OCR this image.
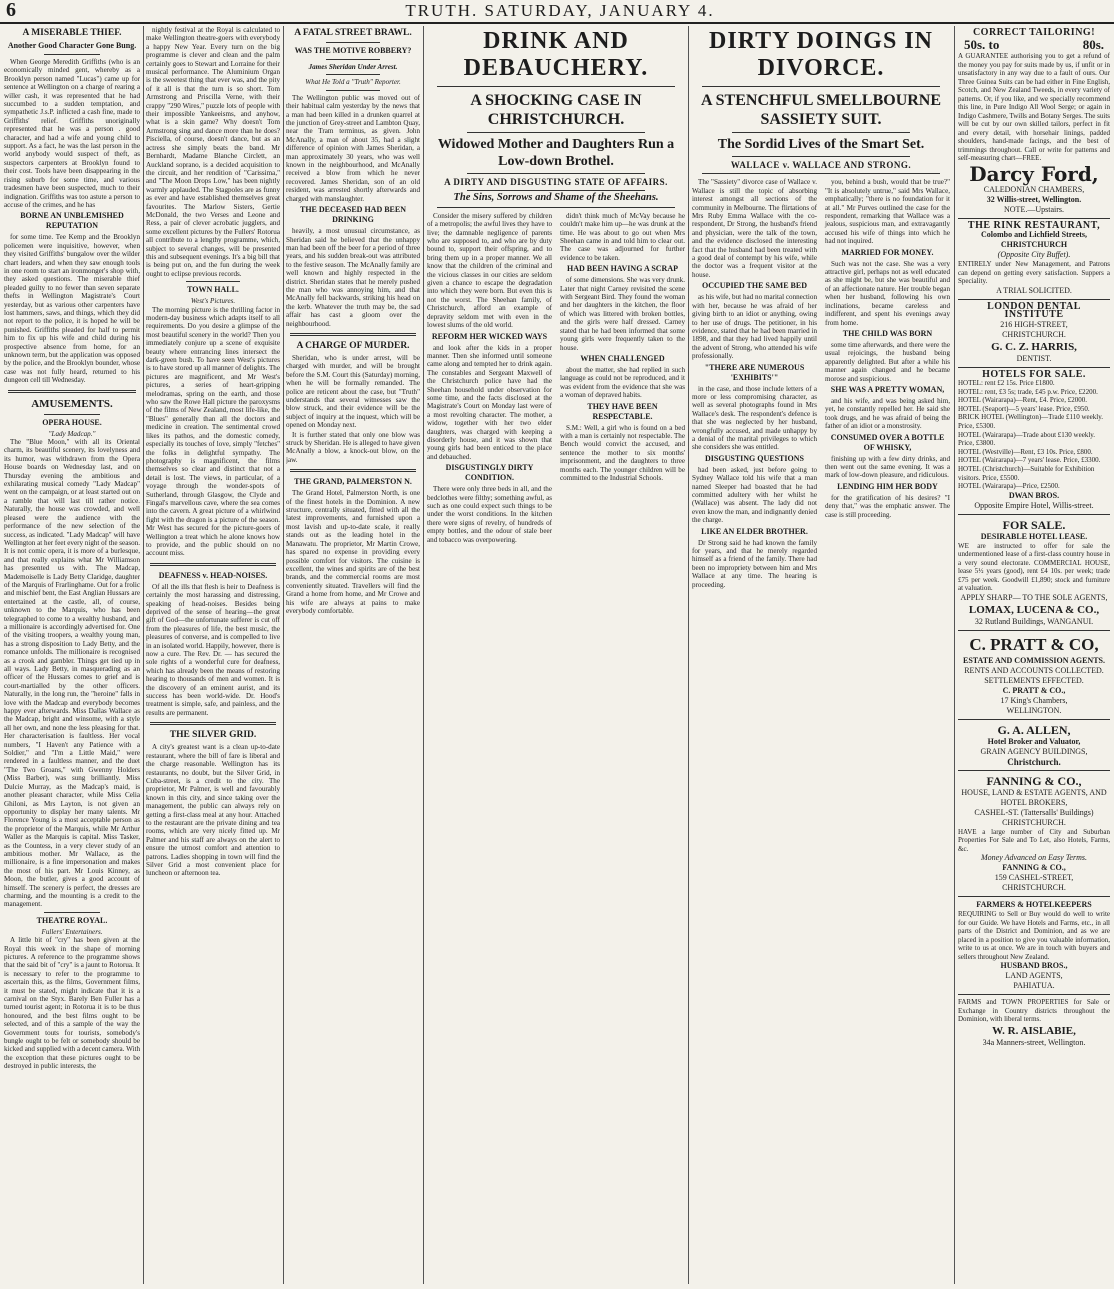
6	TRUTH. SATURDAY, JANUARY 4.
A MISERABLE THIEF.
Another Good Character Gone Bung.

When George Meredith Griffiths (who is an economically minded gent, whereby as a Brooklyn person named "Lucas") came up for sentence at Wellington on a charge of rearing a willer cash, it was represented that he had succumbed to a sudden temptation, and sympathetic J.s.P. inflicted a cash fine, made to Griffiths' relief. Griffiths unoriginally represented that he was a person . good character, and had a wife and young child to support. As a fact, he was the last person in the world anybody would suspect of theft, as suspectors carpenters at Brooklyn found to their cost. Tools have been disappearing in the rising suburb for some time, and various tradesmen have been suspected, much to their indignation. Griffiths was too astute a person to accuse of the crimes, and he has

BORNE AN UNBLEMISHED REPUTATION

for some time. Tee Kemp and the Brooklyn policemen were inquisitive, however, when they visited Griffiths' bungalow over the wilder chart leaders, and when they saw enough tools in one room to start an ironmonger's shop with, they asked questions. The miserable thief pleaded guilty to no fewer than seven separate thefts in Wellington Magistrate's Court yesterday, but as various other carpenters have lost hammers, saws, and things, which they did not report to the police, it is hoped he will be punished. Griffiths pleaded for half to permit him to fix up his wife and child during his prospective absence from home, for an unknown term, but the application was opposed by the police, and the Brooklyn bounder, whose case was not fully heard, returned to his dungeon cell till Wednesday.

AMUSEMENTS.
OPERA HOUSE.
"Lady Madcap."

The "Blue Moon," with all its Oriental charm, its beautiful scenery, its lovelyness and its humor, was withdrawn from the Opera House boards on Wednesday last, and on Thursday evening the ambitious and exhilarating musical comedy "Lady Madcap" went on the campaign, or at least started out on a ramble that will last till rather notice. Naturally, the house was crowded, and well pleased were the audience with the performance of the new selection of the success, as indicated. "Lady Madcap" will have Wellington at her feet every night of the season. It is not comic opera, it is more of a burlesque, and that really explains what Mr Williamson has presented us with. The Madcap, Mademoiselle is Lady Betty Claridge, daughter of the Marquis of Frarlinghame. Out for a frolic and mischief bent, the East Anglian Hussars are entertained at the castle, all, of course, unknown to the Marquis, who has been telegraphed to come to a wealthy husband, and a millionaire is accordingly advertised for. One of the visiting troopers, a wealthy young man, has a strong disposition to Lady Betty, and the romance unfolds. The millionaire is recognised as a crook and gambler. Things get tied up in all ways. Lady Betty, in masquerading as an officer of the Hussars comes to grief and is court-martialled by the other officers. Naturally, in the long run, the "heroine" falls in love with the Madcap and everybody becomes happy ever afterwards. Miss Dallas Wallace as the Madcap, bright and winsome, with a style all her own, and none the less pleasing for that. Her characterisation is faultless. Her vocal numbers, "I Haven't any Patience with a Soldier," and "I'm a Little Maid," were rendered in a faultless manner, and the duet "The Two Groans," with Gwenny Holders (Miss Barber), was sung brilliantly. Miss Dulcie Murray, as the Madcap's maid, is another pleasant character, while Miss Celia Ghiloni, as Mrs Layton, is not given an opportunity to display her many talents. Mr Florence Young is a most acceptable person as the proprietor of the Marquis, while Mr Arthur Waller as the Marquis is capital. Miss Tasker, as the Countess, in a very clever study of an ambitious mother. Mr Wallace, as the millionaire, is a fine impersonation and makes the most of his part. Mr Louis Kinney, as Moon, the butler, gives a good account of himself. The scenery is perfect, the dresses are charming, and the mounting is a credit to the management.

THEATRE ROYAL.
Fullers' Entertainers.

A little bit of "cry" has been given at the Royal this week in the shape of morning pictures. A reference to the programme shows that the said bit of "cry" is a jaunt to Rotorua. It is necessary to refer to the programme to ascertain this, as the films, Government films, it must be stated, might indicate that it is a carnival on the Styx. Barely Ben Fuller has a turned tourist agent; in Rotorua it is to be thus honoured, and the best films ought to be selected, and of this a sample of the way the Government touts for tourists, somebody's bungle ought to be felt or somebody should be kicked and supplied with a decent camera. With the exception that these pictures ought to be destroyed in public interests, the

nightly festival at the Royal is calculated to make Wellington theatre-goers with everybody a happy New Year. Every turn on the big programme is clever and clean and the palm certainly goes to Stewart and Lorraine for their musical performance. The Aluminium Organ is the sweetest thing that ever was, and the pity of it all is that the turn is so short. Tom Armstrong and Priscilla Verne, with their crappy "290 Wires," puzzle lots of people with their impossible Yankeeisms, and anyhow, what is a skin game? Why doesn't Tom Armstrong sing and dance more than he does? Pisciella, of course, doesn't dance, but as an actress she simply beats the band. Mr Bernhardt, Madame Blanche Circlett, an Auckland soprano, is a decided acquisition to the circuit, and her rendition of "Carissima," and "The Moon Drops Low," has been nightly warmly applauded. The Stagpoles are as funny as ever and have established themselves great favourites. The Marlow Sisters, Gertie McDonald, the two Verses and Leone and Ress, a pair of clever acrobatic jugglers, and some excellent pictures by the Fullers' Rotorua all contribute to a lengthy programme, which, subject to several changes, will be presented this and subsequent evenings. It's a big bill that is being put on, and the fun during the week ought to eclipse previous records.

TOWN HALL.
West's Pictures.

The morning picture is the thrilling factor in modern-day business which adapts itself to all requirements. Do you desire a glimpse of the most beautiful scenery in the world? Then you immediately conjure up a scene of exquisite beauty where entrancing lines intersect the dark-green bush. To have seen West's pictures is to have stored up all manner of delights. The pictures are magnificent, and Mr West's pictures, a series of heart-gripping melodramas, spring on the earth, and those who saw the Rowe Hall picture the paroxysms of the films of New Zealand, most life-like, the "Blues" generally than all the doctors and medicine in creation. The sentimental crowd likes its pathos, and the domestic comedy, especially its touches of love, simply "fetches" the folks in delightful sympathy. The photography is magnificent, the films themselves so clear and distinct that not a detail is lost. The views, in particular, of a voyage through the wonder-spots of Sutherland, through Glasgow, the Clyde and Fingal's marvellous cave, where the sea comes into the cavern. A great picture of a whirlwind fight with the dragon is a picture of the season. Mr West has secured for the picture-goers of Wellington a treat which he alone knows how to provide, and the public should on no account miss.

DEAFNESS v. HEAD-NOISES.

Of all the ills that flesh is heir to Deafness is certainly the most harassing and distressing, speaking of head-noises. Besides being deprived of the sense of hearing—the great gift of God—the unfortunate sufferer is cut off from the pleasures of life, the best music, the pleasures of converse, and is compelled to live in an isolated world. Happily, however, there is now a cure. The Rev. Dr. — has secured the sole rights of a wonderful cure for deafness, which has already been the means of restoring hearing to thousands of men and women. It is the discovery of an eminent aurist, and its success has been world-wide. Dr. Hood's treatment is simple, safe, and painless, and the results are permanent.

THE SILVER GRID.

A city's greatest want is a clean up-to-date restaurant, where the bill of fare is liberal and the charge reasonable. Wellington has its restaurants, no doubt, but the Silver Grid, in Cuba-street, is a credit to the city. The proprietor, Mr Palmer, is well and favourably known in this city, and since taking over the management, the public can always rely on getting a first-class meal at any hour. Attached to the restaurant are the private dining and tea rooms, which are very nicely fitted up. Mr Palmer and his staff are always on the alert to ensure the utmost comfort and attention to patrons. Ladies shopping in town will find the Silver Grid a most convenient place for luncheon or afternoon tea.

A FATAL STREET BRAWL.
WAS THE MOTIVE ROBBERY?
James Sheridan Under Arrest.
What He Told a "Truth" Reporter.

The Wellington public was moved out of their habitual calm yesterday by the news that a man had been killed in a drunken quarrel at the junction of Grey-street and Lambton Quay, near the Tram terminus, as given. John McAnally, a man of about 35, had a slight difference of opinion with James Sheridan, a man approximately 30 years, who was well known in the neighbourhood, and McAnally received a blow from which he never recovered. James Sheridan, son of an old resident, was arrested shortly afterwards and charged with manslaughter.

THE DECEASED HAD BEEN DRINKING

heavily, a most unusual circumstance, as Sheridan said he believed that the unhappy man had been off the beer for a period of three years, and his sudden break-out was attributed to the festive season. The McAnally family are well known and highly respected in the district. Sheridan states that he merely pushed the man who was annoying him, and that McAnally fell backwards, striking his head on the kerb. Whatever the truth may be, the sad affair has cast a gloom over the neighbourhood.

A CHARGE OF MURDER.

Sheridan, who is under arrest, will be charged with murder, and will be brought before the S.M. Court this (Saturday) morning, when he will be formally remanded. The police are reticent about the case, but "Truth" understands that several witnesses saw the blow struck, and their evidence will be the subject of inquiry at the inquest, which will be opened on Monday next.

It is further stated that only one blow was struck by Sheridan. He is alleged to have given McAnally a blow, a knock-out blow, on the jaw.

THE GRAND, PALMERSTON N.

The Grand Hotel, Palmerston North, is one of the finest hotels in the Dominion. A new structure, centrally situated, fitted with all the latest improvements, and furnished upon a most lavish and up-to-date scale, it really stands out as the leading hotel in the Manawatu. The proprietor, Mr Martin Crowe, has spared no expense in providing every possible comfort for visitors. The cuisine is excellent, the wines and spirits are of the best brands, and the commercial rooms are most conveniently situated. Travellers will find the Grand a home from home, and Mr Crowe and his wife are always at pains to make everybody comfortable.

DRINK AND DEBAUCHERY.
A SHOCKING CASE IN CHRISTCHURCH.
Widowed Mother and Daughters Run a Low-down Brothel.
A DIRTY AND DISGUSTING STATE OF AFFAIRS.
The Sins, Sorrows and Shame of the Sheehans.

Consider the misery suffered by children of a metropolis; the awful lives they have to live; the damnable negligence of parents who are supposed to, and who are by duty bound to, support their offspring, and to bring them up in a proper manner. We all know that the children of the criminal and the vicious classes in our cities are seldom given a chance to escape the degradation into which they were born. But even this is not the worst. The Sheehan family, of Christchurch, afford an example of depravity seldom met with even in the lowest slums of the old world.

REFORM HER WICKED WAYS

and look after the kids in a proper manner. Then she informed until someone came along and tempted her to drink again. The constables and Sergeant Maxwell of the Christchurch police have had the Sheehan household under observation for some time, and the facts disclosed at the Magistrate's Court on Monday last were of a most revolting character. The mother, a widow, together with her two elder daughters, was charged with keeping a disorderly house, and it was shown that young girls had been enticed to the place and debauched.

DISGUSTINGLY DIRTY CONDITION.

There were only three beds in all, and the bedclothes were filthy; something awful, as such as one could expect such things to be under the worst conditions. In the kitchen there were signs of revelry, of hundreds of empty bottles, and the odour of stale beer and tobacco was overpowering.

didn't think much of McVay because he couldn't make him up—he was drunk at the time. He was about to go out when Mrs Sheehan came in and told him to clear out. The case was adjourned for further evidence to be taken.

HAD BEEN HAVING A SCRAP

of some dimensions. She was very drunk. Later that night Carney revisited the scene with Sergeant Bird. They found the woman and her daughters in the kitchen, the floor of which was littered with broken bottles, and the girls were half dressed. Carney stated that he had been informed that some young girls were frequently taken to the house.

WHEN CHALLENGED

about the matter, she had replied in such language as could not be reproduced, and it was evident from the evidence that she was a woman of depraved habits.

THEY HAVE BEEN RESPECTABLE.

S.M.: Well, a girl who is found on a bed with a man is certainly not respectable. The Bench would convict the accused, and sentence the mother to six months' imprisonment, and the daughters to three months each. The younger children will be committed to the Industrial Schools.

DIRTY DOINGS IN DIVORCE.
A STENCHFUL SMELLBOURNE SASSIETY SUIT.
The Sordid Lives of the Smart Set.
WALLACE v. WALLACE AND STRONG.

The "Sassiety" divorce case of Wallace v. Wallace is still the topic of absorbing interest amongst all sections of the community in Melbourne. The flirtations of Mrs Ruby Emma Wallace with the co-respondent, Dr Strong, the husband's friend and physician, were the talk of the town, and the evidence disclosed the interesting fact that the husband had been treated with a good deal of contempt by his wife, while the doctor was a frequent visitor at the house.

OCCUPIED THE SAME BED

as his wife, but had no marital connection with her, because he was afraid of her giving birth to an idiot or anything, owing to her use of drugs. The petitioner, in his evidence, stated that he had been married in 1898, and that they had lived happily until the advent of Strong, who attended his wife professionally.

"THERE ARE NUMEROUS 'EXHIBITS'"

in the case, and those include letters of a more or less compromising character, as well as several photographs found in Mrs Wallace's desk. The respondent's defence is that she was neglected by her husband, wrongfully accused, and made unhappy by a denial of the marital privileges to which she considers she was entitled.

DISGUSTING QUESTIONS

had been asked, just before going to Sydney Wallace told his wife that a man named Sleeper had boasted that he had committed adultery with her whilst he (Wallace) was absent. The lady did not even know the man, and indignantly denied the charge.

LIKE AN ELDER BROTHER.

Dr Strong said he had known the family for years, and that he merely regarded himself as a friend of the family. There had been no impropriety between him and Mrs Wallace at any time. The hearing is proceeding.

you, behind a bush, would that be true?" "It is absolutely untrue," said Mrs Wallace, emphatically; "there is no foundation for it at all." Mr Purves outlined the case for the respondent, remarking that Wallace was a jealous, suspicious man, and extravagantly accused his wife of things into which he had not inquired.

MARRIED FOR MONEY.

Such was not the case. She was a very attractive girl, perhaps not as well educated as she might be, but she was beautiful and of an affectionate nature. Her trouble began when her husband, following his own inclinations, became careless and indifferent, and spent his evenings away from home.

THE CHILD WAS BORN

some time afterwards, and there were the usual rejoicings, the husband being apparently delighted. But after a while his manner again changed and he became morose and suspicious.

SHE WAS A PRETTY WOMAN,

and his wife, and was being asked him, yet, he constantly repelled her. He said she took drugs, and he was afraid of being the father of an idiot or a monstrosity.

CONSUMED OVER A BOTTLE OF WHISKY,

finishing up with a few dirty drinks, and then went out the same evening. It was a mark of low-down pleasure, and ridiculous.

LENDING HIM HER BODY

for the gratification of his desires? "I deny that," was the emphatic answer. The case is still proceeding.

CORRECT TAILORING!
50s. to	80s.
A GUARANTEE authorising you to get a refund of the money you pay for suits made by us, if unfit or in unsatisfactory in any way due to a fault of ours. Our Three Guinea Suits can be had either in Fine English, Scotch, and New Zealand Tweeds, in every variety of patterns. Or, if you like, and we specially recommend this line, in Pure Indigo All Wool Serge; or again in Indigo Cashmere, Twills and Botany Serges. The suits will be cut by our own skilled tailors, perfect in fit and every detail, with horsehair linings, padded shoulders, hand-made facings, and the best of trimmings throughout. Call or write for patterns and self-measuring chart—FREE.
Darcy Ford,
CALEDONIAN CHAMBERS,
32 Willis-street, Wellington.
NOTE.—Upstairs.
THE RINK RESTAURANT,
Colombo and Lichfield Streets,
CHRISTCHURCH
(Opposite City Buffet).
ENTIRELY under New Management, and Patrons can depend on getting every satisfaction. Suppers a Speciality.
A TRIAL SOLICITED.
LONDON DENTAL INSTITUTE
216 HIGH-STREET,
CHRISTCHURCH.
G. C. Z. HARRIS,
DENTIST.
HOTELS FOR SALE.
HOTEL: rent £2 15s. Price £1800.
HOTEL: rent, £3 5s; trade, £45 p.w. Price, £2200.
HOTEL (Wairarapa)—Rent, £4. Price, £2000.
HOTEL (Seaport)—5 years' lease. Price, £950.
BRICK HOTEL (Wellington)—Trade £110 weekly. Price, £5300.
HOTEL (Wairarapa)—Trade about £130 weekly. Price, £3800.
HOTEL (Westville)—Rent, £3 10s. Price, £800.
HOTEL (Wairarapa)—7 years' lease. Price, £3300.
HOTEL (Christchurch)—Suitable for Exhibition visitors. Price, £5500.
HOTEL (Wairarapa)—Price, £2500.
DWAN BROS.
Opposite Empire Hotel, Willis-street.
FOR SALE.
DESIRABLE HOTEL LEASE.
WE are instructed to offer for sale the undermentioned lease of a first-class country house in a very sound electorate. COMMERCIAL HOUSE, lease 5½ years (good), rent £4 10s. per week; trade £75 per week. Goodwill £1,890; stock and furniture at valuation.
APPLY SHARP— TO THE SOLE AGENTS,
LOMAX, LUCENA & CO.,
32 Rutland Buildings, WANGANUI.
C. PRATT & CO,
ESTATE AND COMMISSION AGENTS.
RENTS AND ACCOUNTS COLLECTED. SETTLEMENTS EFFECTED.
C. PRATT & CO.,
17 King's Chambers,
WELLINGTON.
G. A. ALLEN,
Hotel Broker and Valuator,
GRAIN AGENCY BUILDINGS,
Christchurch.
FANNING & CO.,
HOUSE, LAND & ESTATE AGENTS, AND HOTEL BROKERS,
CASHEL-ST. (Tattersalls' Buildings) CHRISTCHURCH.
HAVE a large number of City and Suburban Properties For Sale and To Let, also Hotels, Farms, &c.
Money Advanced on Easy Terms.
FANNING & CO.,
159 CASHEL-STREET,
CHRISTCHURCH.
FARMERS & HOTELKEEPERS
REQUIRING to Sell or Buy would do well to write for our Guide. We have Hotels and Farms, etc., in all parts of the District and Dominion, and as we are placed in a position to give you valuable information, write to us at once. We are in touch with buyers and sellers throughout New Zealand.
HUSBAND BROS.,
LAND AGENTS,
PAHIATUA.
FARMS and TOWN PROPERTIES for Sale or Exchange in Country districts throughout the Dominion, with liberal terms.
W. R. AISLABIE,
34a Manners-street, Wellington.
